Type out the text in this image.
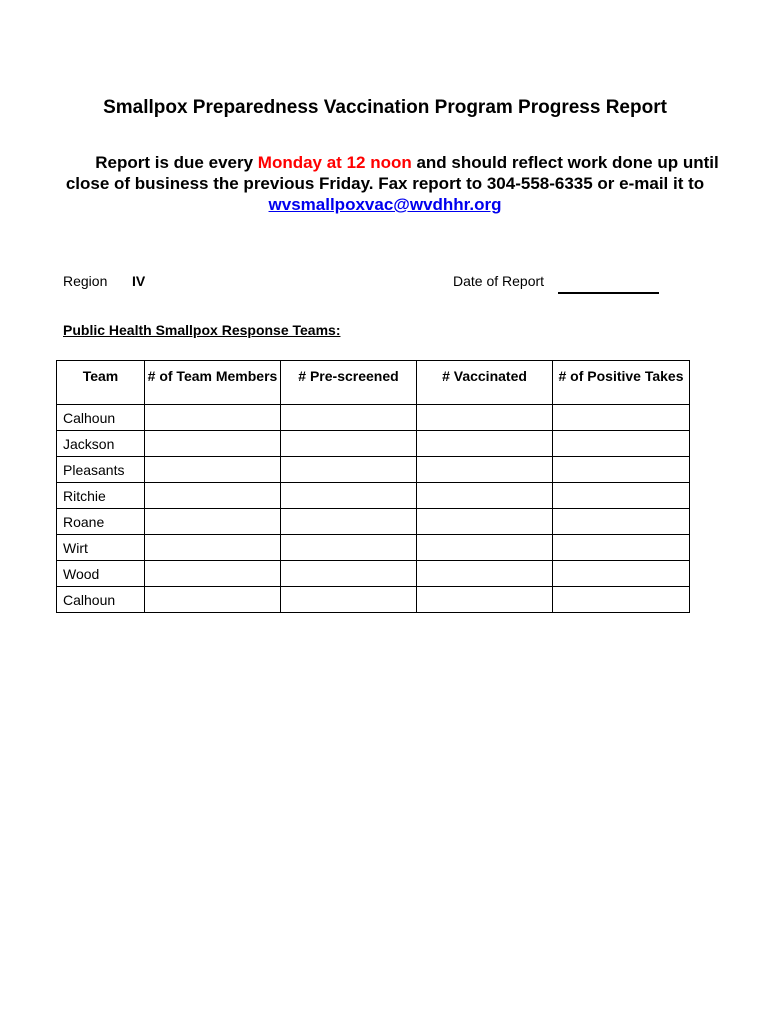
Smallpox Preparedness Vaccination Program Progress Report
Report is due every Monday at 12 noon and should reflect work done up until close of business the previous Friday. Fax report to 304-558-6335 or e-mail it to wvsmallpoxvac@wvdhhr.org
Region IV	Date of Report
Public Health Smallpox Response Teams:
Team	# of Team Members	# Pre-screened	# Vaccinated	# of Positive Takes
Calhoun				
Jackson				
Pleasants				
Ritchie				
Roane				
Wirt				
Wood				
Calhoun				
